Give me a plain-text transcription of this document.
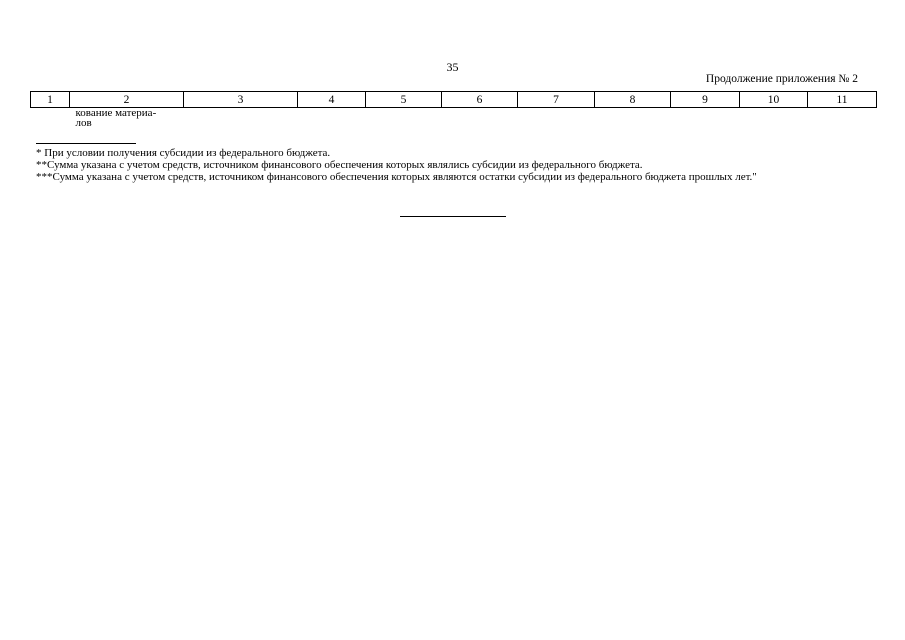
35
Продолжение приложения № 2
1	2	3	4	5	6	7	8	9	10	11

	кование материа-
лов									

* При условии получения субсидии из федерального бюджета.

**Сумма указана с учетом средств, источником финансового обеспечения которых являлись субсидии из федерального бюджета.

***Сумма указана с учетом средств, источником финансового обеспечения которых являются остатки субсидии из федерального бюджета прошлых лет."
